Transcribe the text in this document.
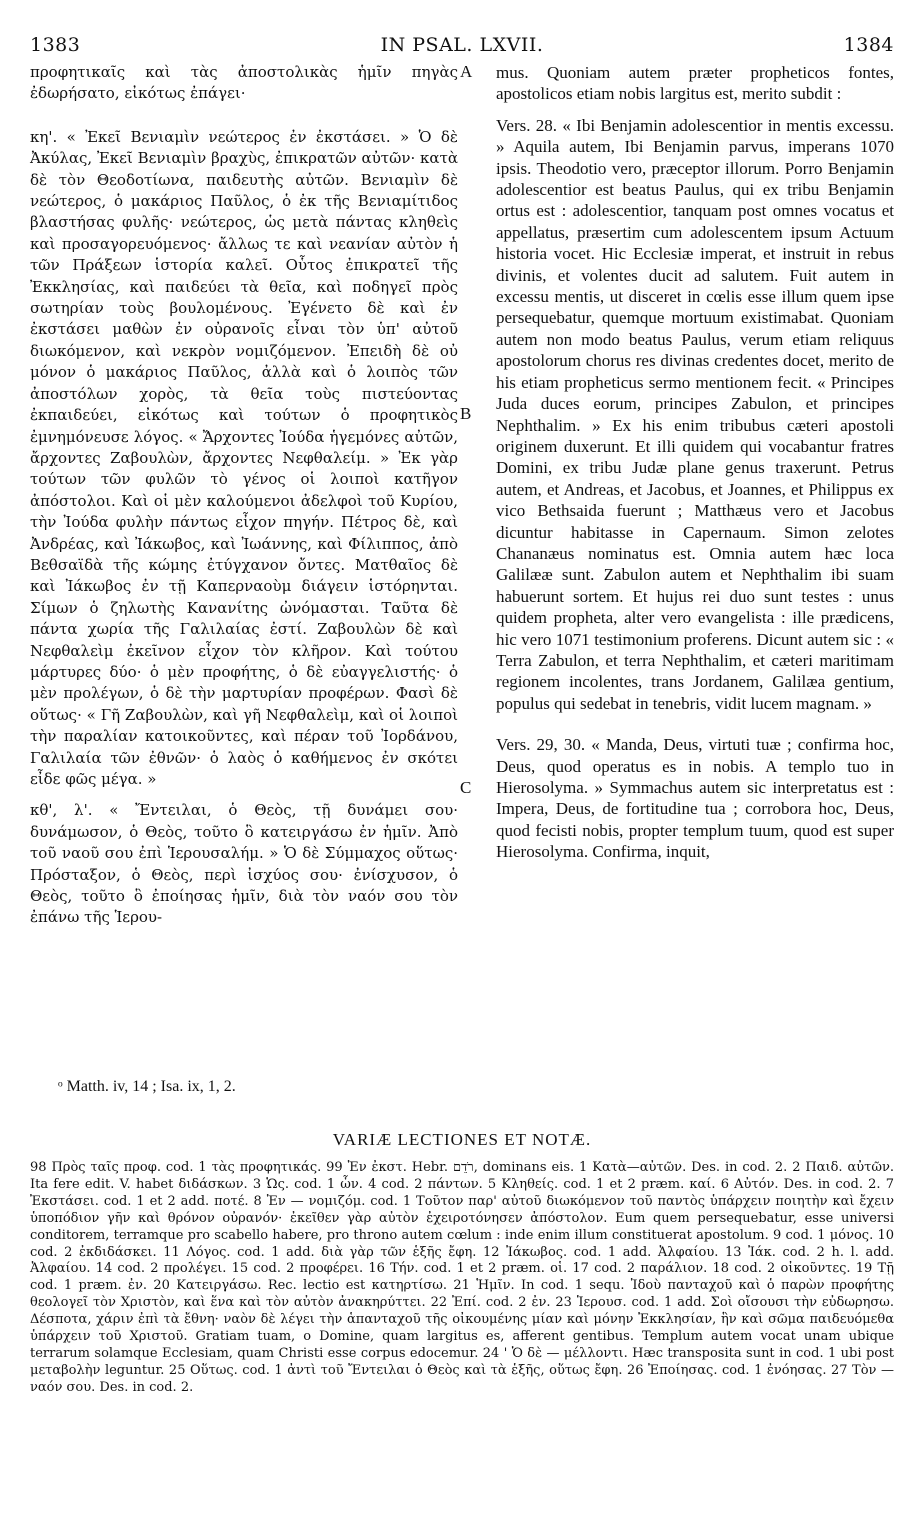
1383	IN PSAL. LXVII.	1384
A
B
C

προφητικαῖς καὶ τὰς ἀποστολικὰς ἡμῖν πηγὰς ἐδωρήσατο, εἰκότως ἐπάγει·

κη'. « Ἐκεῖ Βενιαμὶν νεώτερος ἐν ἐκστάσει. » Ὁ δὲ Ἀκύλας, Ἐκεῖ Βενιαμὶν βραχὺς, ἐπικρατῶν αὐτῶν· κατὰ δὲ τὸν Θεοδοτίωνα, παιδευτὴς αὐτῶν. Βενιαμὶν δὲ νεώτερος, ὁ μακάριος Παῦλος, ὁ ἐκ τῆς Βενιαμίτιδος βλαστήσας φυλῆς· νεώτερος, ὡς μετὰ πάντας κληθεὶς καὶ προσαγορευόμενος· ἄλλως τε καὶ νεανίαν αὐτὸν ἡ τῶν Πράξεων ἱστορία καλεῖ. Οὗτος ἐπικρατεῖ τῆς Ἐκκλησίας, καὶ παιδεύει τὰ θεῖα, καὶ ποδηγεῖ πρὸς σωτηρίαν τοὺς βουλομένους. Ἐγένετο δὲ καὶ ἐν ἐκστάσει μαθὼν ἐν οὐρανοῖς εἶναι τὸν ὑπ' αὐτοῦ διωκόμενον, καὶ νεκρὸν νομιζόμενον. Ἐπειδὴ δὲ οὐ μόνον ὁ μακάριος Παῦλος, ἀλλὰ καὶ ὁ λοιπὸς τῶν ἀποστόλων χορὸς, τὰ θεῖα τοὺς πιστεύοντας ἐκπαιδεύει, εἰκότως καὶ τούτων ὁ προφητικὸς ἐμνημόνευσε λόγος. « Ἄρχοντες Ἰούδα ἡγεμόνες αὐτῶν, ἄρχοντες Ζαβουλὼν, ἄρχοντες Νεφθαλείμ. » Ἐκ γὰρ τούτων τῶν φυλῶν τὸ γένος οἱ λοιποὶ κατῆγον ἀπόστολοι. Καὶ οἱ μὲν καλούμενοι ἀδελφοὶ τοῦ Κυρίου, τὴν Ἰούδα φυλὴν πάντως εἶχον πηγήν. Πέτρος δὲ, καὶ Ἀνδρέας, καὶ Ἰάκωβος, καὶ Ἰωάννης, καὶ Φίλιππος, ἀπὸ Βεθσαϊδὰ τῆς κώμης ἐτύγχανον ὄντες. Ματθαῖος δὲ καὶ Ἰάκωβος ἐν τῇ Καπερναοὺμ διάγειν ἱστόρηνται. Σίμων ὁ ζηλωτὴς Κανανίτης ὠνόμασται. Ταῦτα δὲ πάντα χωρία τῆς Γαλιλαίας ἐστί. Ζαβουλὼν δὲ καὶ Νεφθαλεὶμ ἐκεῖνον εἶχον τὸν κλῆρον. Καὶ τούτου μάρτυρες δύο· ὁ μὲν προφήτης, ὁ δὲ εὐαγγελιστής· ὁ μὲν προλέγων, ὁ δὲ τὴν μαρτυρίαν προφέρων. Φασὶ δὲ οὕτως· « Γῆ Ζαβουλὼν, καὶ γῆ Νεφθαλεὶμ, καὶ οἱ λοιποὶ τὴν παραλίαν κατοικοῦντες, καὶ πέραν τοῦ Ἰορδάνου, Γαλιλαία τῶν ἐθνῶν· ὁ λαὸς ὁ καθήμενος ἐν σκότει εἶδε φῶς μέγα. »

κθ', λ'. « Ἔντειλαι, ὁ Θεὸς, τῇ δυνάμει σου· δυνάμωσον, ὁ Θεὸς, τοῦτο ὃ κατειργάσω ἐν ἡμῖν. Ἀπὸ τοῦ ναοῦ σου ἐπὶ Ἱερουσαλήμ. » Ὁ δὲ Σύμμαχος οὕτως· Πρόσταξον, ὁ Θεὸς, περὶ ἰσχύος σου· ἐνίσχυσον, ὁ Θεὸς, τοῦτο ὃ ἐποίησας ἡμῖν, διὰ τὸν ναόν σου τὸν ἐπάνω τῆς Ἱερου-

mus. Quoniam autem præter propheticos fontes, apostolicos etiam nobis largitus est, merito subdit :

Vers. 28. « Ibi Benjamin adolescentior in mentis excessu. » Aquila autem, Ibi Benjamin parvus, imperans 1070 ipsis. Theodotio vero, præceptor illorum. Porro Benjamin adolescentior est beatus Paulus, qui ex tribu Benjamin ortus est : adolescentior, tanquam post omnes vocatus et appellatus, præsertim cum adolescentem ipsum Actuum historia vocet. Hic Ecclesiæ imperat, et instruit in rebus divinis, et volentes ducit ad salutem. Fuit autem in excessu mentis, ut disceret in cœlis esse illum quem ipse persequebatur, quemque mortuum existimabat. Quoniam autem non modo beatus Paulus, verum etiam reliquus apostolorum chorus res divinas credentes docet, merito de his etiam propheticus sermo mentionem fecit. « Principes Juda duces eorum, principes Zabulon, et principes Nephthalim. » Ex his enim tribubus cæteri apostoli originem duxerunt. Et illi quidem qui vocabantur fratres Domini, ex tribu Judæ plane genus traxerunt. Petrus autem, et Andreas, et Jacobus, et Joannes, et Philippus ex vico Bethsaida fuerunt ; Matthæus vero et Jacobus dicuntur habitasse in Capernaum. Simon zelotes Chananæus nominatus est. Omnia autem hæc loca Galilææ sunt. Zabulon autem et Nephthalim ibi suam habuerunt sortem. Et hujus rei duo sunt testes : unus quidem propheta, alter vero evangelista : ille prædicens, hic vero 1071 testimonium proferens. Dicunt autem sic : « Terra Zabulon, et terra Nephthalim, et cæteri maritimam regionem incolentes, trans Jordanem, Galilæa gentium, populus qui sedebat in tenebris, vidit lucem magnam. »

Vers. 29, 30. « Manda, Deus, virtuti tuæ ; confirma hoc, Deus, quod operatus es in nobis. A templo tuo in Hierosolyma. » Symmachus autem sic interpretatus est : Impera, Deus, de fortitudine tua ; corrobora hoc, Deus, quod fecisti nobis, propter templum tuum, quod est super Hierosolyma. Confirma, inquit,

ᵒ Matth. iv, 14 ; Isa. ix, 1, 2.
VARIÆ LECTIONES ET NOTÆ.

98 Πρὸς ταῖς προφ. cod. 1 τὰς προφητικάς. 99 Ἐν ἐκστ. Hebr. רֹדֵם, dominans eis. 1 Κατὰ—αὐτῶν. Des. in cod. 2. 2 Παιδ. αὐτῶν. Ita fere edit. V. habet διδάσκων. 3 Ὡς. cod. 1 ὧν. 4 cod. 2 πάντων. 5 Κληθείς. cod. 1 et 2 præm. καί. 6 Αὐτόν. Des. in cod. 2. 7 Ἐκστάσει. cod. 1 et 2 add. ποτέ. 8 Ἐν — νομιζόμ. cod. 1 Τοῦτον παρ' αὐτοῦ διωκόμενον τοῦ παντὸς ὑπάρχειν ποιητὴν καὶ ἔχειν ὑποπόδιον γῆν καὶ θρόνον οὐρανόν· ἐκεῖθεν γὰρ αὐτὸν ἐχειροτόνησεν ἀπόστολον. Eum quem persequebatur, esse universi conditorem, terramque pro scabello habere, pro throno autem cœlum : inde enim illum constituerat apostolum. 9 cod. 1 μόνος. 10 cod. 2 ἐκδιδάσκει. 11 Λόγος. cod. 1 add. διὰ γὰρ τῶν ἑξῆς ἔφη. 12 Ἰάκωβος. cod. 1 add. Ἀλφαίου. 13 Ἰάκ. cod. 2 h. l. add. Ἀλφαίου. 14 cod. 2 προλέγει. 15 cod. 2 προφέρει. 16 Τήν. cod. 1 et 2 præm. οἱ. 17 cod. 2 παράλιον. 18 cod. 2 οἰκοῦντες. 19 Τῇ cod. 1 præm. ἐν. 20 Κατειργάσω. Rec. lectio est κατηρτίσω. 21 Ἡμῖν. In cod. 1 sequ. Ἰδοὺ πανταχοῦ καὶ ὁ παρὼν προφήτης θεολογεῖ τὸν Χριστὸν, καὶ ἕνα καὶ τὸν αὐτὸν ἀνακηρύττει. 22 Ἐπί. cod. 2 ἐν. 23 Ἱερουσ. cod. 1 add. Σοὶ οἴσουσι τὴν εὐδωρησω. Δέσποτα, χάριν ἐπὶ τὰ ἔθνη· ναὸν δὲ λέγει τὴν ἁπανταχοῦ τῆς οἰκουμένης μίαν καὶ μόνην Ἐκκλησίαν, ἣν καὶ σῶμα παιδευόμεθα ὑπάρχειν τοῦ Χριστοῦ. Gratiam tuam, o Domine, quam largitus es, afferent gentibus. Templum autem vocat unam ubique terrarum solamque Ecclesiam, quam Christi esse corpus edocemur. 24 ' Ὁ δὲ — μέλλοντι. Hæc transposita sunt in cod. 1 ubi post μεταβολὴν leguntur. 25 Οὕτως. cod. 1 ἀντὶ τοῦ Ἔντειλαι ὁ Θεὸς καὶ τὰ ἑξῆς, οὕτως ἔφη. 26 Ἐποίησας. cod. 1 ἐνόησας. 27 Τὸν — ναόν σου. Des. in cod. 2.
